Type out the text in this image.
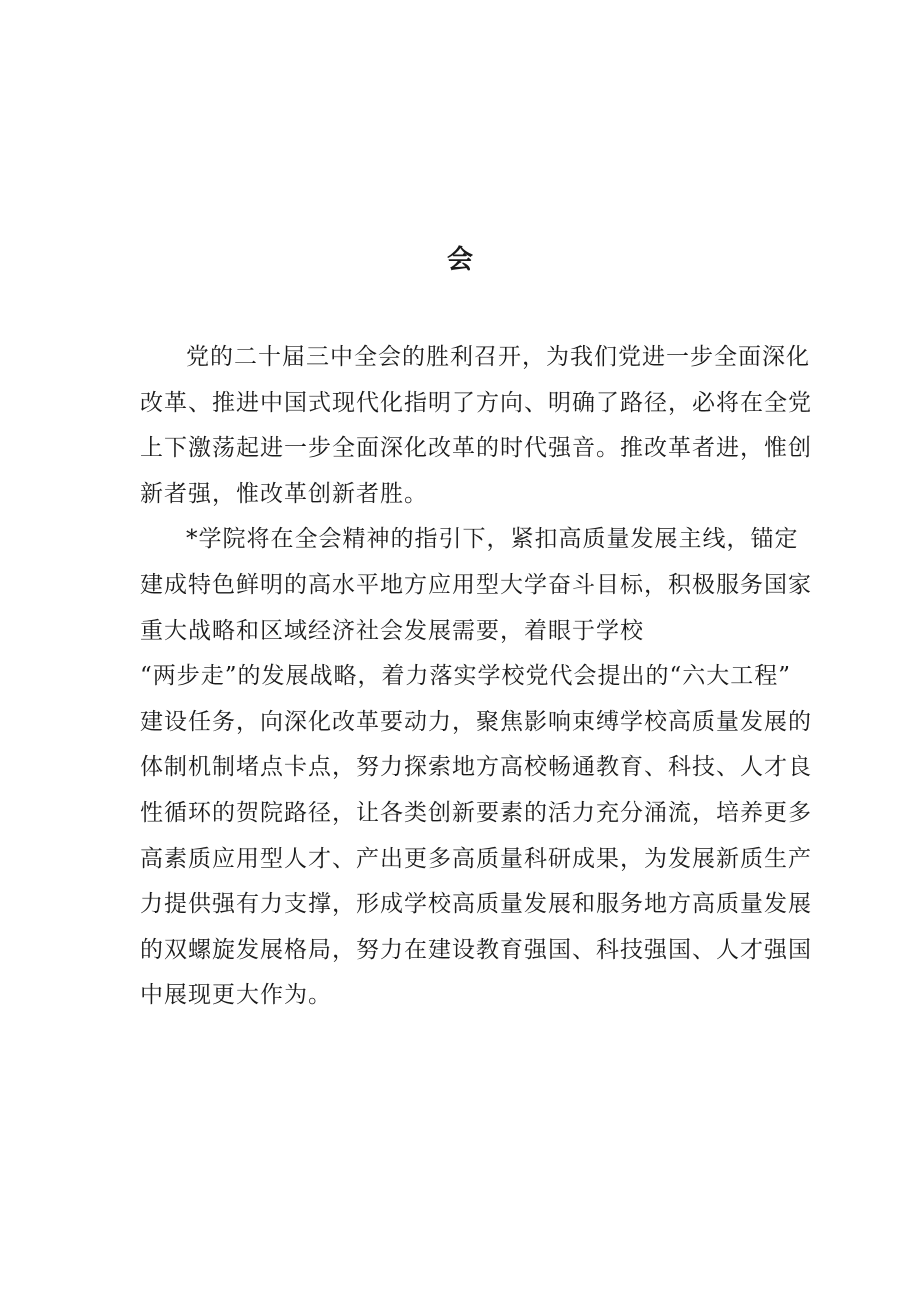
会
党的二十届三中全会的胜利召开，为我们党进一步全面深化
改革、推进中国式现代化指明了方向、明确了路径，必将在全党
上下激荡起进一步全面深化改革的时代强音。推改革者进，惟创
新者强，惟改革创新者胜。
*学院将在全会精神的指引下，紧扣高质量发展主线，锚定
建成特色鲜明的高水平地方应用型大学奋斗目标，积极服务国家
重大战略和区域经济社会发展需要，着眼于学校
“两步走”的发展战略，着力落实学校党代会提出的“六大工程”
建设任务，向深化改革要动力，聚焦影响束缚学校高质量发展的
体制机制堵点卡点，努力探索地方高校畅通教育、科技、人才良
性循环的贺院路径，让各类创新要素的活力充分涌流，培养更多
高素质应用型人才、产出更多高质量科研成果，为发展新质生产
力提供强有力支撑，形成学校高质量发展和服务地方高质量发展
的双螺旋发展格局，努力在建设教育强国、科技强国、人才强国
中展现更大作为。
